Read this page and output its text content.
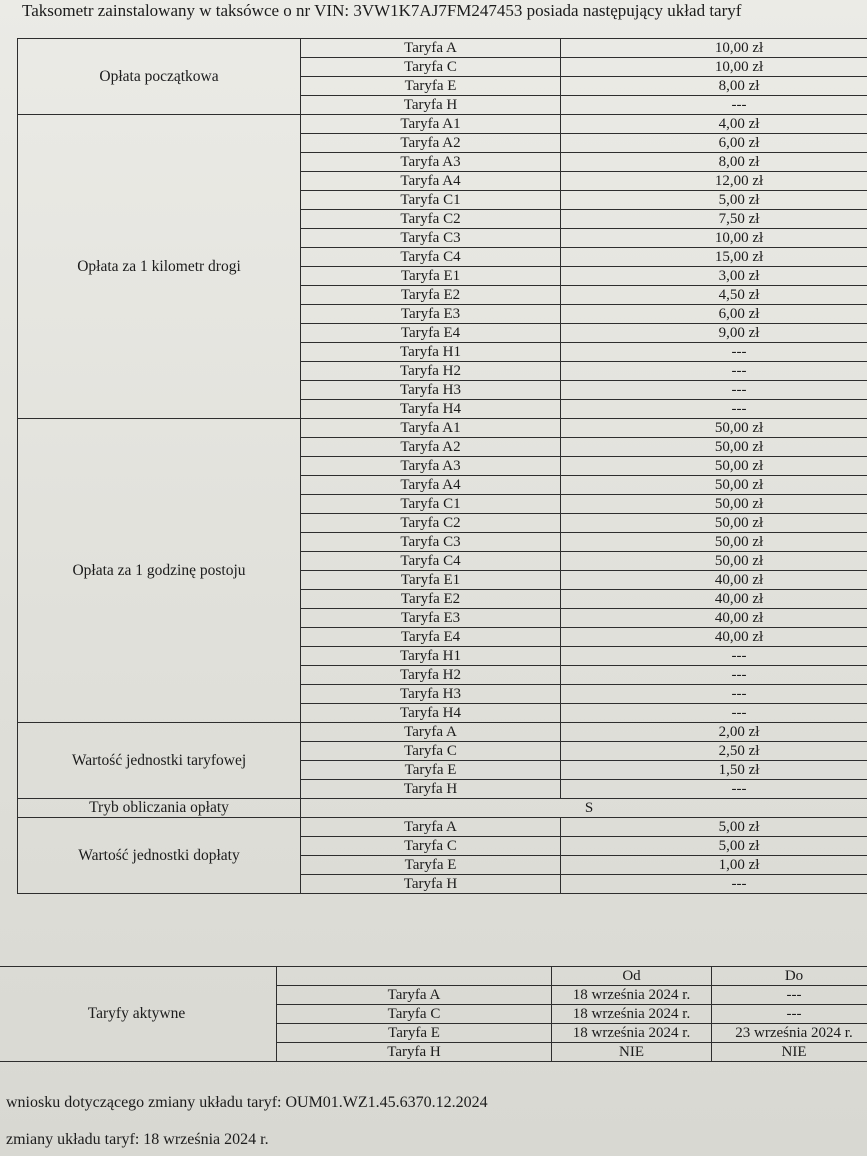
Taksometr zainstalowany w taksówce o nr VIN: 3VW1K7AJ7FM247453 posiada następujący układ taryf
Opłata początkowa	Taryfa A	10,00 zł
	Taryfa C	10,00 zł
	Taryfa E	8,00 zł
	Taryfa H	---
Opłata za 1 kilometr drogi	Taryfa A1	4,00 zł
	Taryfa A2	6,00 zł
	Taryfa A3	8,00 zł
	Taryfa A4	12,00 zł
	Taryfa C1	5,00 zł
	Taryfa C2	7,50 zł
	Taryfa C3	10,00 zł
	Taryfa C4	15,00 zł
	Taryfa E1	3,00 zł
	Taryfa E2	4,50 zł
	Taryfa E3	6,00 zł
	Taryfa E4	9,00 zł
	Taryfa H1	---
	Taryfa H2	---
	Taryfa H3	---
	Taryfa H4	---
Opłata za 1 godzinę postoju	Taryfa A1	50,00 zł
	Taryfa A2	50,00 zł
	Taryfa A3	50,00 zł
	Taryfa A4	50,00 zł
	Taryfa C1	50,00 zł
	Taryfa C2	50,00 zł
	Taryfa C3	50,00 zł
	Taryfa C4	50,00 zł
	Taryfa E1	40,00 zł
	Taryfa E2	40,00 zł
	Taryfa E3	40,00 zł
	Taryfa E4	40,00 zł
	Taryfa H1	---
	Taryfa H2	---
	Taryfa H3	---
	Taryfa H4	---
Wartość jednostki taryfowej	Taryfa A	2,00 zł
	Taryfa C	2,50 zł
	Taryfa E	1,50 zł
	Taryfa H	---
Tryb obliczania opłaty	S	
Wartość jednostki dopłaty	Taryfa A	5,00 zł
	Taryfa C	5,00 zł
	Taryfa E	1,00 zł
	Taryfa H	---
Taryfy aktywne		Od	Do
	Taryfa A	18 września 2024 r.	---
	Taryfa C	18 września 2024 r.	---
	Taryfa E	18 września 2024 r.	23 września 2024 r.
	Taryfa H	NIE	NIE
wniosku dotyczącego zmiany układu taryf: OUM01.WZ1.45.6370.12.2024
zmiany układu taryf: 18 września 2024 r.
